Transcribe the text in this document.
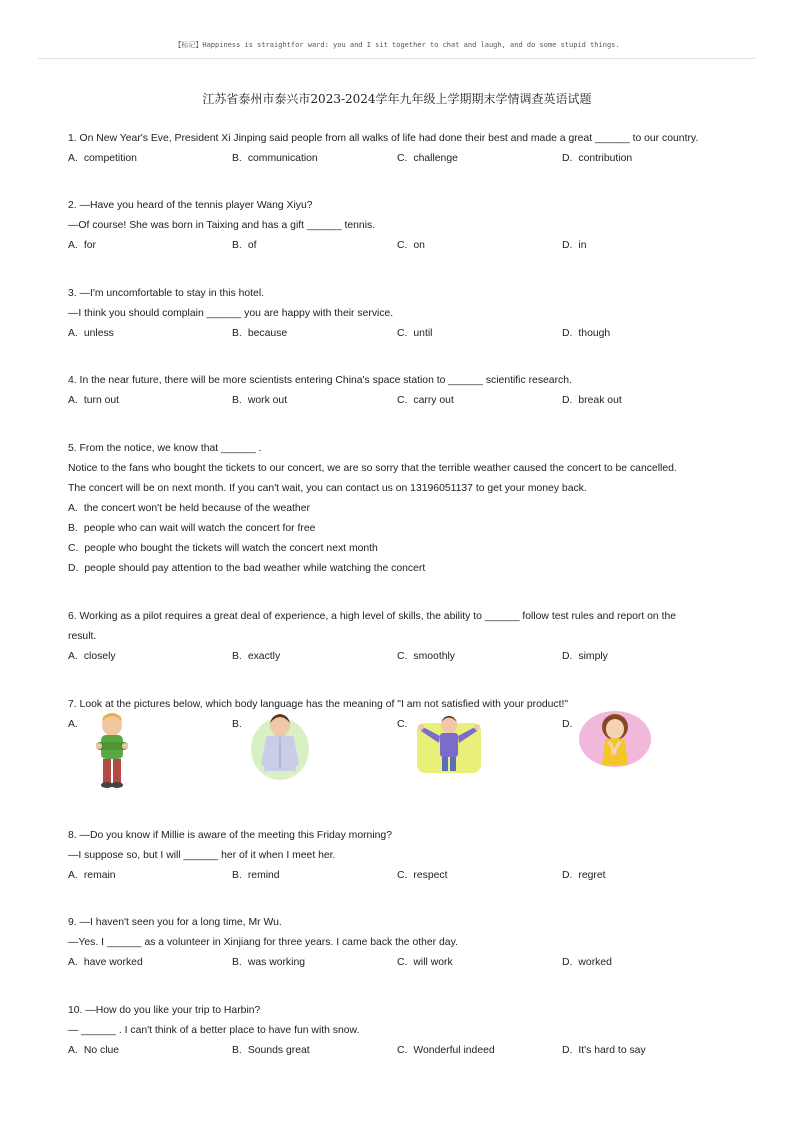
【标记】Happiness is straightfor ward: you and I sit together to chat and laugh, and do some stupid things.
江苏省泰州市泰兴市2023-2024学年九年级上学期期末学情调查英语试题
1. On New Year's Eve, President Xi Jinping said people from all walks of life had done their best and made a great ______ to our country.
A. competition	B. communication	C. challenge	D. contribution
2. —Have you heard of the tennis player Wang Xiyu?
—Of course! She was born in Taixing and has a gift ______ tennis.
A. for	B. of	C. on	D. in
3. —I'm uncomfortable to stay in this hotel.
—I think you should complain ______ you are happy with their service.
A. unless	B. because	C. until	D. though
4. In the near future, there will be more scientists entering China's space station to ______ scientific research.
A. turn out	B. work out	C. carry out	D. break out
5. From the notice, we know that ______ .
Notice to the fans who bought the tickets to our concert, we are so sorry that the terrible weather caused the concert to be cancelled.
The concert will be on next month. If you can't wait, you can contact us on 13196051137 to get your money back.
A. the concert won't be held because of the weather
B. people who can wait will watch the concert for free
C. people who bought the tickets will watch the concert next month
D. people should pay attention to the bad weather while watching the concert
6. Working as a pilot requires a great deal of experience, a high level of skills, the ability to ______ follow test rules and report on the
result.
A. closely	B. exactly	C. smoothly	D. simply
7. Look at the pictures below, which body language has the meaning of "I am not satisfied with your product!"
A.	B.	C.	D.
8. —Do you know if Millie is aware of the meeting this Friday morning?
—I suppose so, but I will ______ her of it when I meet her.
A. remain	B. remind	C. respect	D. regret
9. —I haven't seen you for a long time, Mr Wu.
—Yes. I ______ as a volunteer in Xinjiang for three years. I came back the other day.
A. have worked	B. was working	C. will work	D. worked
10. —How do you like your trip to Harbin?
— ______ . I can't think of a better place to have fun with snow.
A. No clue	B. Sounds great	C. Wonderful indeed	D. It's hard to say
